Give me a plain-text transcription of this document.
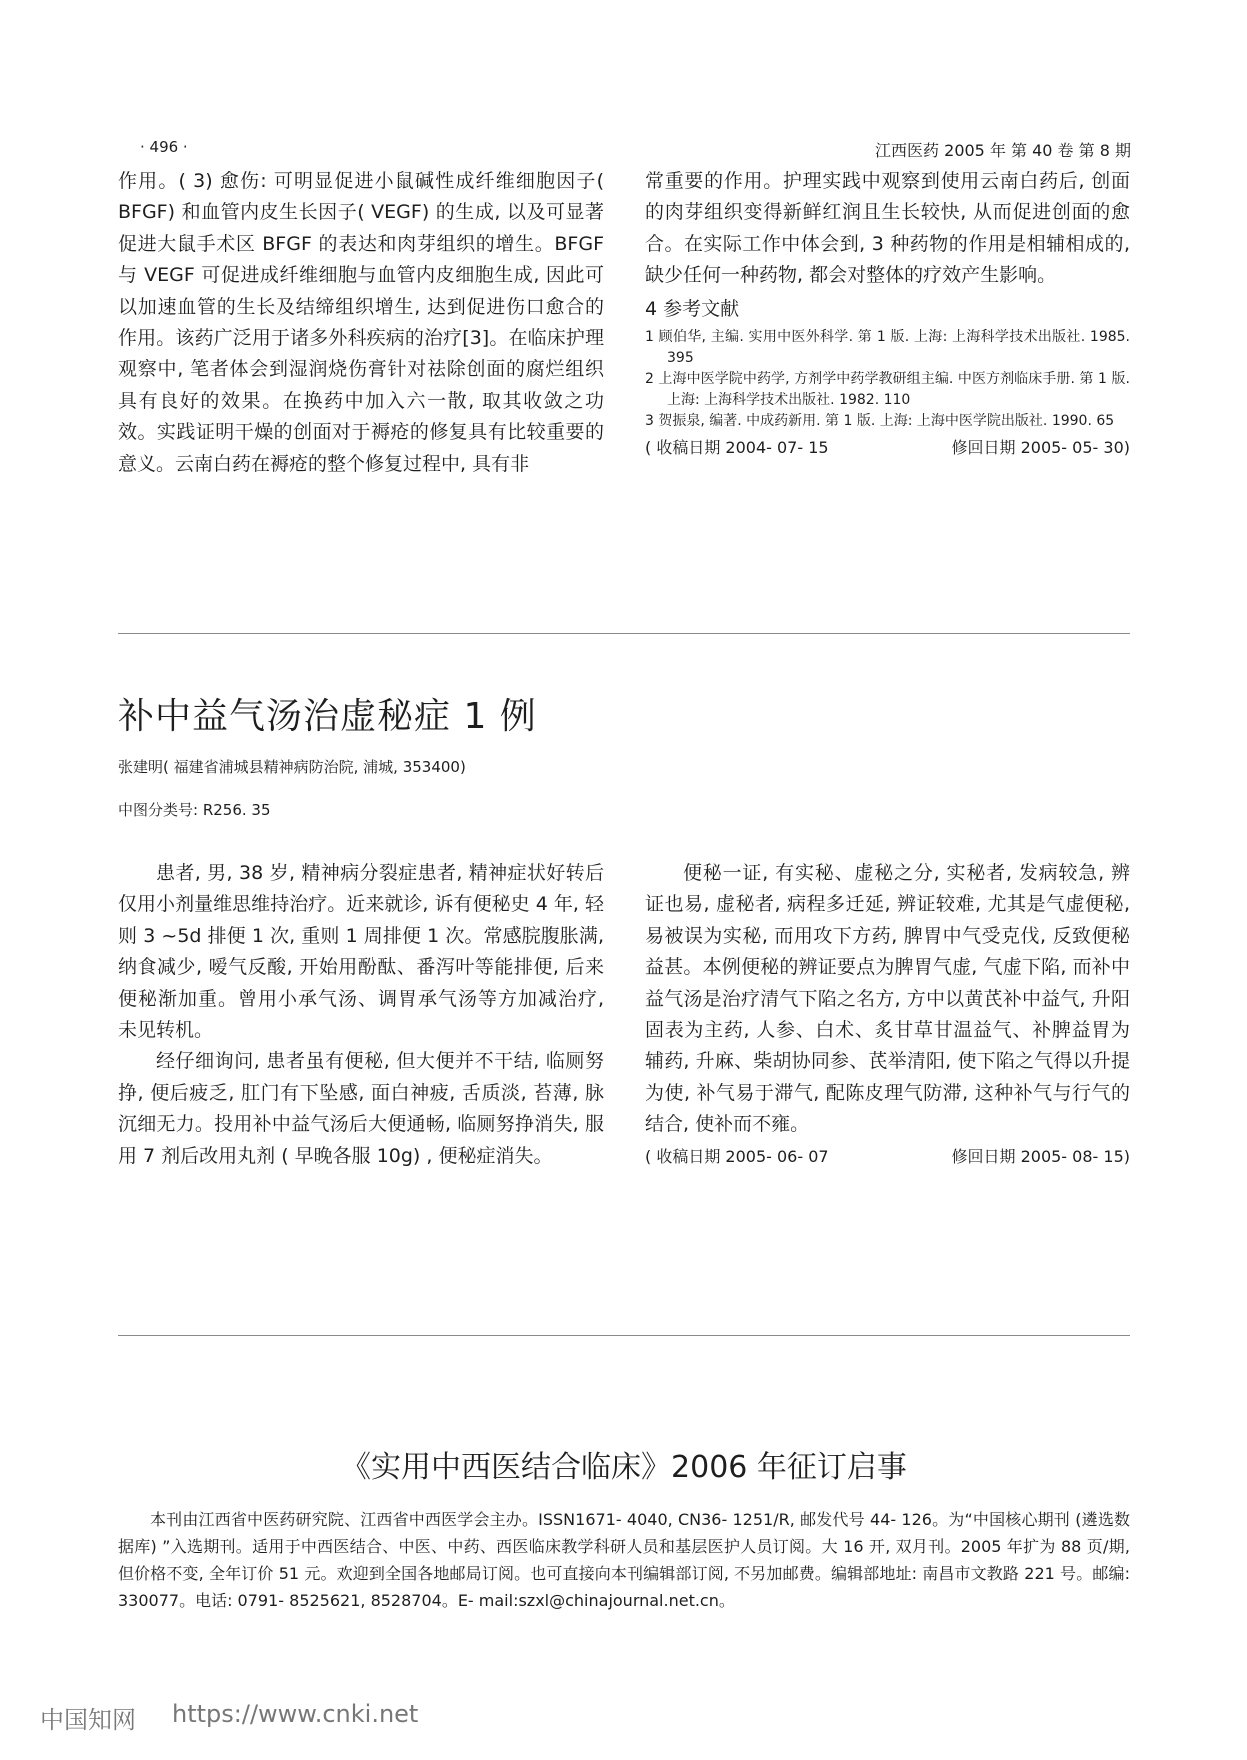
· 496 ·	江西医药 2005 年 第 40 卷 第 8 期

作用。( 3) 愈伤: 可明显促进小鼠碱性成纤维细胞因子( BFGF) 和血管内皮生长因子( VEGF) 的生成, 以及可显著促进大鼠手术区 BFGF 的表达和肉芽组织的增生。BFGF 与 VEGF 可促进成纤维细胞与血管内皮细胞生成, 因此可以加速血管的生长及结缔组织增生, 达到促进伤口愈合的作用。该药广泛用于诸多外科疾病的治疗[3]。在临床护理观察中, 笔者体会到湿润烧伤膏针对祛除创面的腐烂组织具有良好的效果。在换药中加入六一散, 取其收敛之功效。实践证明干燥的创面对于褥疮的修复具有比较重要的意义。云南白药在褥疮的整个修复过程中, 具有非

常重要的作用。护理实践中观察到使用云南白药后, 创面的肉芽组织变得新鲜红润且生长较快, 从而促进创面的愈合。在实际工作中体会到, 3 种药物的作用是相辅相成的, 缺少任何一种药物, 都会对整体的疗效产生影响。

4 参考文献

1 顾伯华, 主编. 实用中医外科学. 第 1 版. 上海: 上海科学技术出版社. 1985. 395

2 上海中医学院中药学, 方剂学中药学教研组主编. 中医方剂临床手册. 第 1 版. 上海: 上海科学技术出版社. 1982. 110

3 贺振泉, 编著. 中成药新用. 第 1 版. 上海: 上海中医学院出版社. 1990. 65

( 收稿日期 2004- 07- 15	修回日期 2005- 05- 30)
补中益气汤治虚秘症 1 例
张建明( 福建省浦城县精神病防治院, 浦城, 353400)
中图分类号: R256. 35

患者, 男, 38 岁, 精神病分裂症患者, 精神症状好转后仅用小剂量维思维持治疗。近来就诊, 诉有便秘史 4 年, 轻则 3 ~5d 排便 1 次, 重则 1 周排便 1 次。常感脘腹胀满, 纳食减少, 嗳气反酸, 开始用酚酞、番泻叶等能排便, 后来便秘渐加重。曾用小承气汤、调胃承气汤等方加减治疗, 未见转机。

经仔细询问, 患者虽有便秘, 但大便并不干结, 临厕努挣, 便后疲乏, 肛门有下坠感, 面白神疲, 舌质淡, 苔薄, 脉沉细无力。投用补中益气汤后大便通畅, 临厕努挣消失, 服用 7 剂后改用丸剂 ( 早晚各服 10g) , 便秘症消失。

便秘一证, 有实秘、虚秘之分, 实秘者, 发病较急, 辨证也易, 虚秘者, 病程多迁延, 辨证较难, 尤其是气虚便秘, 易被误为实秘, 而用攻下方药, 脾胃中气受克伐, 反致便秘益甚。本例便秘的辨证要点为脾胃气虚, 气虚下陷, 而补中益气汤是治疗清气下陷之名方, 方中以黄芪补中益气, 升阳固表为主药, 人参、白术、炙甘草甘温益气、补脾益胃为辅药, 升麻、柴胡协同参、芪举清阳, 使下陷之气得以升提为使, 补气易于滞气, 配陈皮理气防滞, 这种补气与行气的结合, 使补而不雍。

( 收稿日期 2005- 06- 07	修回日期 2005- 08- 15)
《实用中西医结合临床》2006 年征订启事

本刊由江西省中医药研究院、江西省中西医学会主办。ISSN1671- 4040, CN36- 1251/R, 邮发代号 44- 126。为“中国核心期刊 (遴选数据库) ”入选期刊。适用于中西医结合、中医、中药、西医临床教学科研人员和基层医护人员订阅。大 16 开, 双月刊。2005 年扩为 88 页/期, 但价格不变, 全年订价 51 元。欢迎到全国各地邮局订阅。也可直接向本刊编辑部订阅, 不另加邮费。编辑部地址: 南昌市文教路 221 号。邮编: 330077。电话: 0791- 8525621, 8528704。E- mail:szxl@chinajournal.net.cn。

中国知网 https://www.cnki.net
